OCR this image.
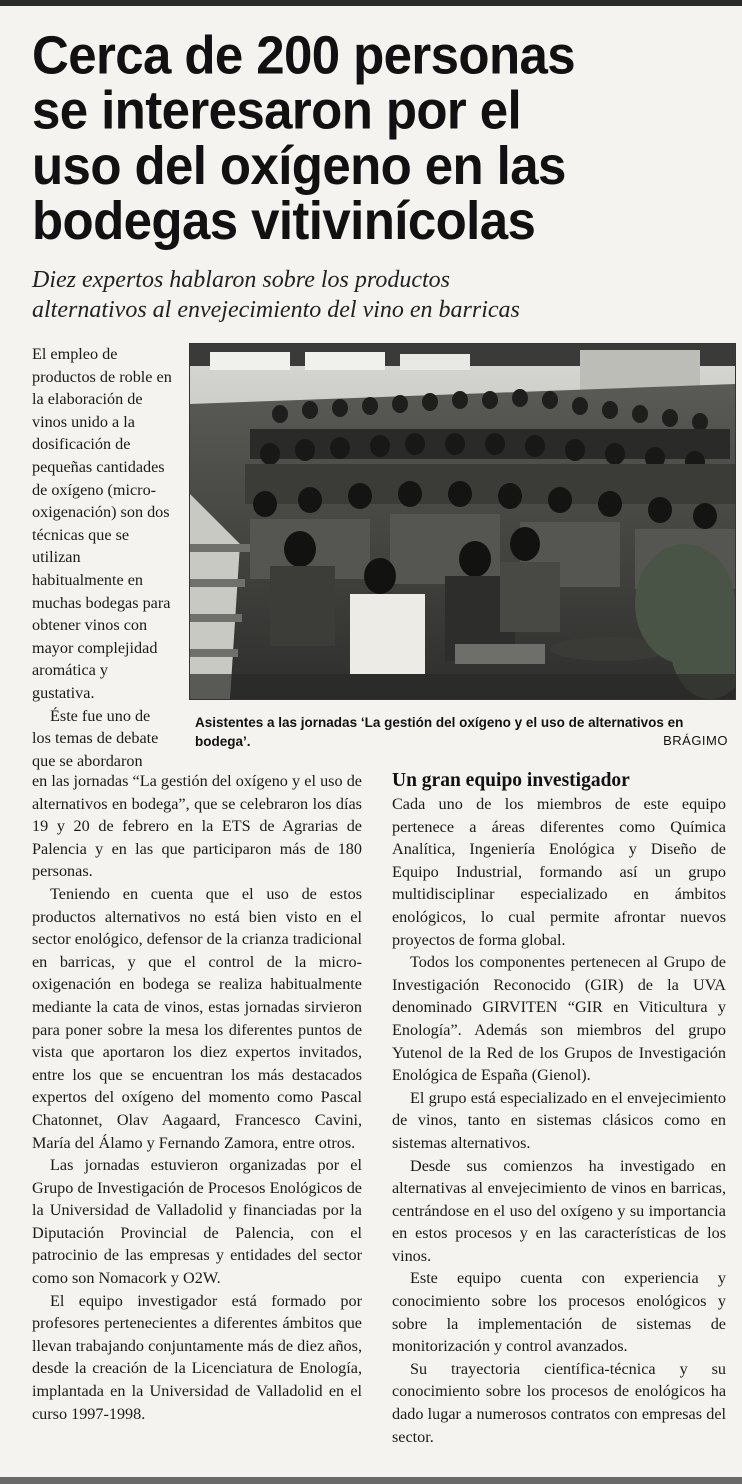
Cerca de 200 personas
se interesaron por el
uso del oxígeno en las
bodegas vitivinícolas
Diez expertos hablaron sobre los productos
alternativos al envejecimiento del vino en barricas

El empleo de productos de roble en la elaboración de vinos unido a la dosificación de pequeñas cantidades de oxígeno (micro-oxigenación) son dos técnicas que se utilizan habitualmente en muchas bodegas para obtener vinos con mayor complejidad aromática y gustativa.

Éste fue uno de los temas de debate que se abordaron

Asistentes a las jornadas ‘La gestión del oxígeno y el uso de alternativos en bodega’.	BRÁGIMO

en las jornadas “La gestión del oxígeno y el uso de alternativos en bodega”, que se celebraron los días 19 y 20 de febrero en la ETS de Agrarias de Palencia y en las que participaron más de 180 personas.

Teniendo en cuenta que el uso de estos productos alternativos no está bien visto en el sector enológico, defensor de la crianza tradicional en barricas, y que el control de la micro-oxigenación en bodega se realiza habitualmente mediante la cata de vinos, estas jornadas sirvieron para poner sobre la mesa los diferentes puntos de vista que aportaron los diez expertos invitados, entre los que se encuentran los más destacados expertos del oxígeno del momento como Pascal Chatonnet, Olav Aagaard, Francesco Cavini, María del Álamo y Fernando Zamora, entre otros.

Las jornadas estuvieron organizadas por el Grupo de Investigación de Procesos Enológicos de la Universidad de Valladolid y financiadas por la Diputación Provincial de Palencia, con el patrocinio de las empresas y entidades del sector como son Nomacork y O2W.

El equipo investigador está formado por profesores pertenecientes a diferentes ámbitos que llevan trabajando conjuntamente más de diez años, desde la creación de la Licenciatura de Enología, implantada en la Universidad de Valladolid en el curso 1997-1998.

Un gran equipo investigador

Cada uno de los miembros de este equipo pertenece a áreas diferentes como Química Analítica, Ingeniería Enológica y Diseño de Equipo Industrial, formando así un grupo multidisciplinar especializado en ámbitos enológicos, lo cual permite afrontar nuevos proyectos de forma global.

Todos los componentes pertenecen al Grupo de Investigación Reconocido (GIR) de la UVA denominado GIRVITEN “GIR en Viticultura y Enología”. Además son miembros del grupo Yutenol de la Red de los Grupos de Investigación Enológica de España (Gienol).

El grupo está especializado en el envejecimiento de vinos, tanto en sistemas clásicos como en sistemas alternativos.

Desde sus comienzos ha investigado en alternativas al envejecimiento de vinos en barricas, centrándose en el uso del oxígeno y su importancia en estos procesos y en las características de los vinos.

Este equipo cuenta con experiencia y conocimiento sobre los procesos enológicos y sobre la implementación de sistemas de monitorización y control avanzados.

Su trayectoria científica-técnica y su conocimiento sobre los procesos de enológicos ha dado lugar a numerosos contratos con empresas del sector.
